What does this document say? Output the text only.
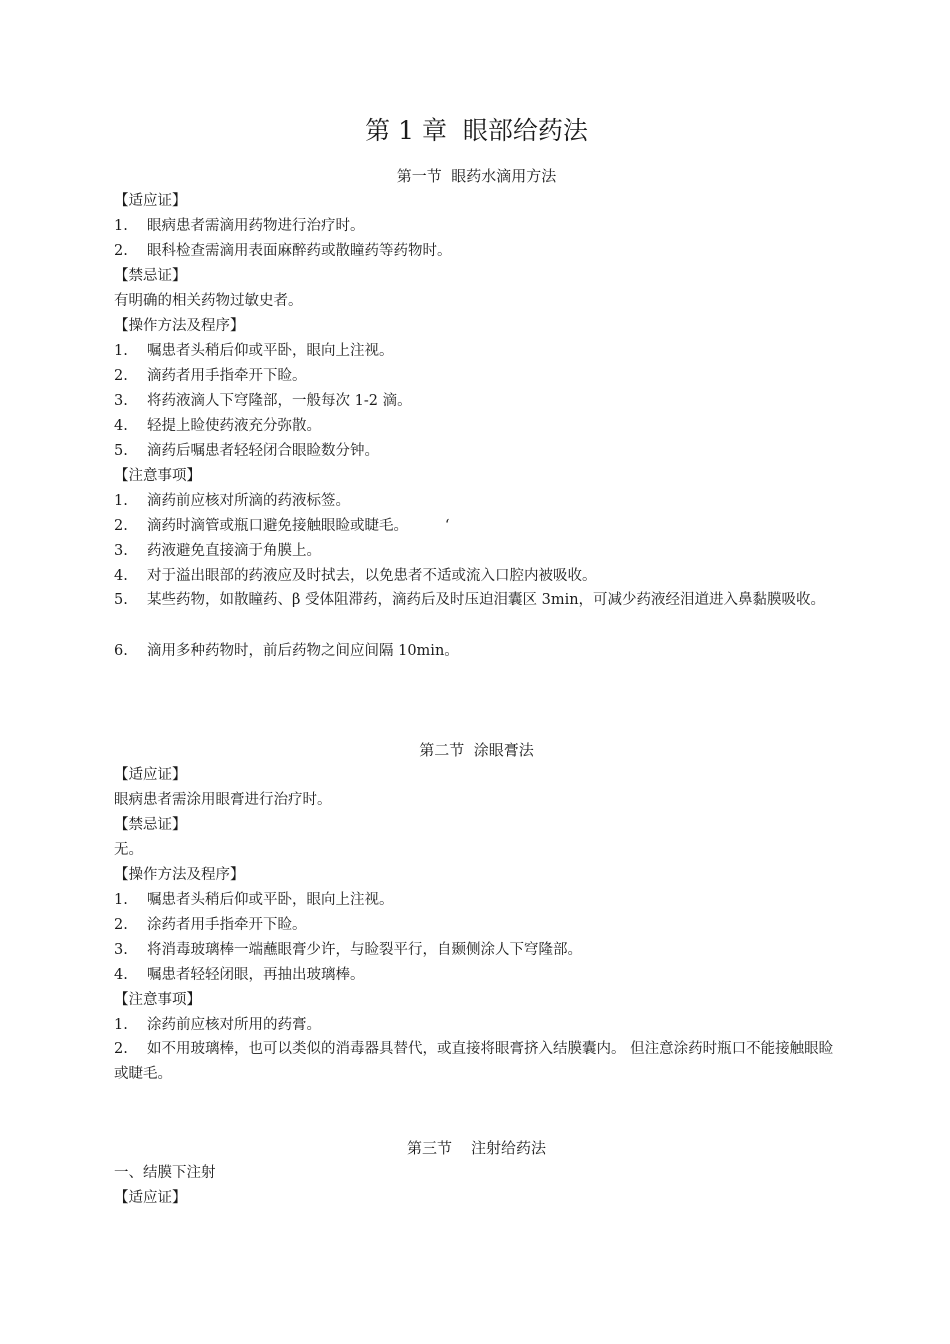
第 1 章  眼部给药法
第一节  眼药水滴用方法
【适应证】
1.	眼病患者需滴用药物进行治疗时。
2.	眼科检查需滴用表面麻醉药或散瞳药等药物时。
【禁忌证】
有明确的相关药物过敏史者。
【操作方法及程序】
1.	嘱患者头稍后仰或平卧，眼向上注视。
2.	滴药者用手指牵开下睑。
3.	将药液滴人下穹隆部，一般每次 1-2 滴。
4.	轻提上睑使药液充分弥散。
5.	滴药后嘱患者轻轻闭合眼睑数分钟。
【注意事项】
1.	滴药前应核对所滴的药液标签。
2.	滴药时滴管或瓶口避免接触眼睑或睫毛。        ‘
3.	药液避免直接滴于角膜上。
4.	对于溢出眼部的药液应及时拭去，以免患者不适或流入口腔内被吸收。
5. 某些药物，如散瞳药、β 受体阻滞药，滴药后及时压迫泪囊区 3min，可减少药液经泪道进入鼻黏膜吸收。
6.	滴用多种药物时，前后药物之间应间隔 10min。
第二节  涂眼膏法
【适应证】
眼病患者需涂用眼膏进行治疗时。
【禁忌证】
无。
【操作方法及程序】
1.	嘱患者头稍后仰或平卧，眼向上注视。
2.	涂药者用手指牵开下睑。
3.	将消毒玻璃棒一端蘸眼膏少许，与睑裂平行，自颞侧涂人下穹隆部。
4.	嘱患者轻轻闭眼，再抽出玻璃棒。
【注意事项】
1.	涂药前应核对所用的药膏。
2. 如不用玻璃棒，也可以类似的消毒器具替代，或直接将眼膏挤入结膜囊内。 但注意涂药时瓶口不能接触眼睑或睫毛。
第三节    注射给药法
一、结膜下注射
【适应证】
